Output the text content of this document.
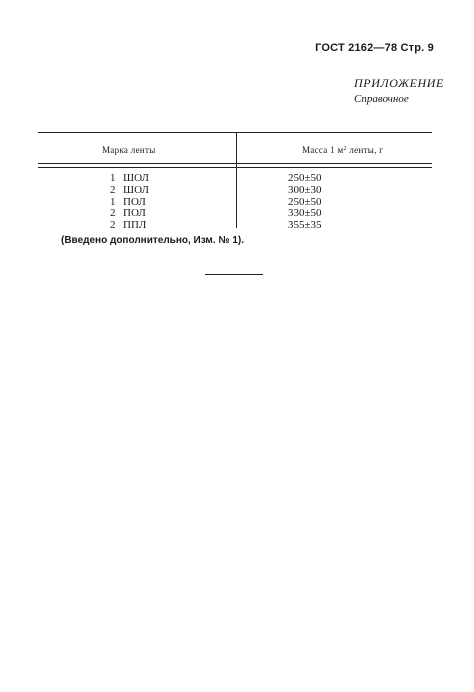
ГОСТ 2162—78 Стр. 9
ПРИЛОЖЕНИЕ
Справочное
Марка ленты	Масса 1 $м^2$ ленты, г
1 ШОЛ
2 ШОЛ
1 ПОЛ
2 ПОЛ
2 ППЛ
250±50
300±30
250±50
330±50
355±35
(Введено дополнительно, Изм. № 1).
